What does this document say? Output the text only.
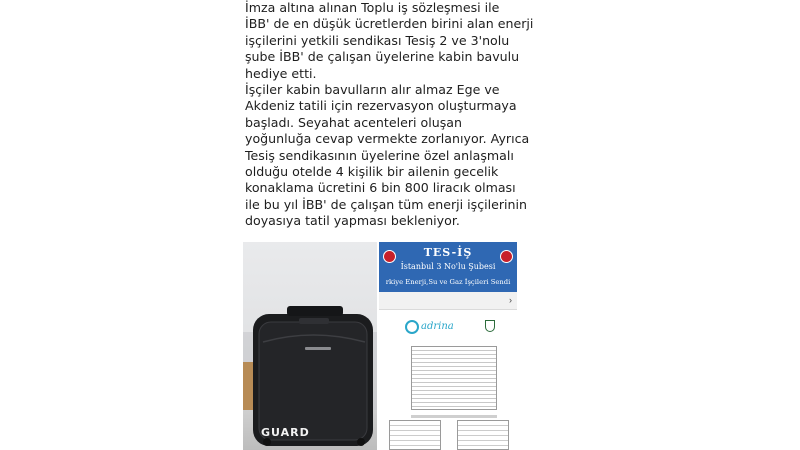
İmza altına alınan Toplu iş sözleşmesi ile

İBB' de en düşük ücretlerden birini alan enerji

işçilerini yetkili sendikası Tesiş 2 ve 3'nolu

şube İBB' de çalışan üyelerine kabin bavulu

hediye etti.

İşçiler kabin bavulların alır almaz Ege ve

Akdeniz tatili için rezervasyon oluşturmaya

başladı. Seyahat acenteleri oluşan

yoğunluğa cevap vermekte zorlanıyor. Ayrıca

Tesiş sendikasının üyelerine özel anlaşmalı

olduğu otelde 4 kişilik bir ailenin gecelik

konaklama ücretini 6 bin 800 liracık olması

ile bu yıl İBB' de çalışan tüm enerji işçilerinin

doyasıya tatil yapması bekleniyor.

GUARD
TES-İŞ
İstanbul 3 No'lu Şubesi
rkiye Enerji,Su ve Gaz İşçileri Sendi
›
adrina
